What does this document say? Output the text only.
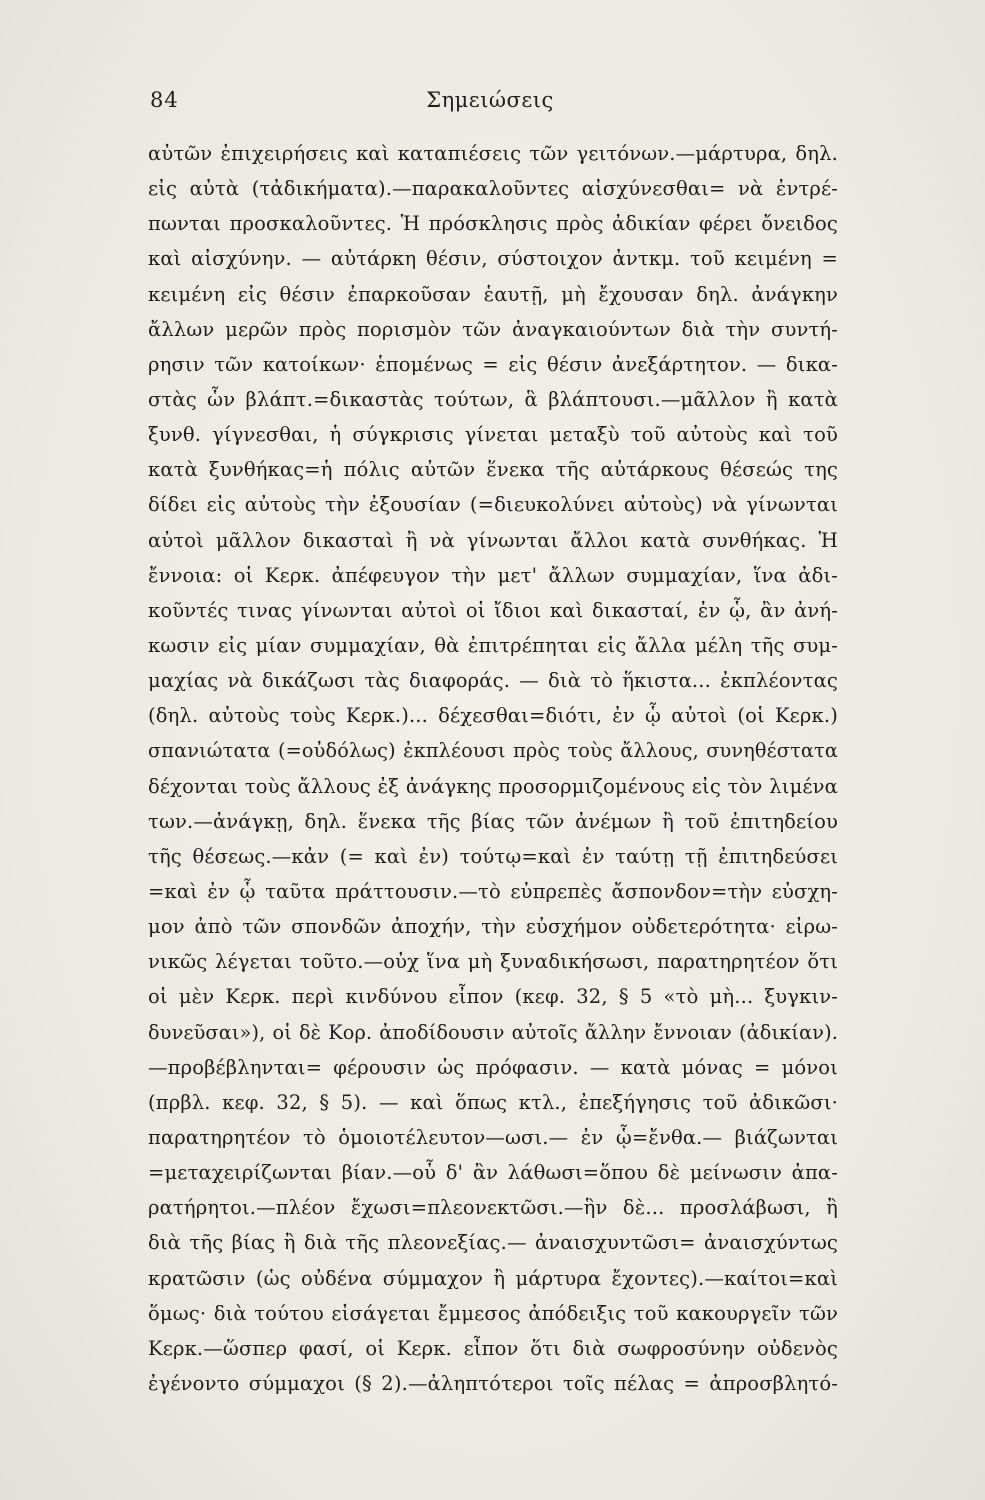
84	Σημειώσεις
αὐτῶν ἐπιχειρήσεις καὶ καταπιέσεις τῶν γειτόνων.—μάρτυρα, δηλ.
εἰς αὐτὰ (τἀδικήματα).—παρακαλοῦντες αἰσχύνεσθαι= νὰ ἐντρέ-
πωνται προσκαλοῦντες. Ἡ πρόσκλησις πρὸς ἀδικίαν φέρει ὄνειδος
καὶ αἰσχύνην. — αὐτάρκη θέσιν, σύστοιχον ἀντκμ. τοῦ κειμένη =
κειμένη εἰς θέσιν ἐπαρκοῦσαν ἑαυτῇ, μὴ ἔχουσαν δηλ. ἀνάγκην
ἄλλων μερῶν πρὸς πορισμὸν τῶν ἀναγκαιούντων διὰ τὴν συντή-
ρησιν τῶν κατοίκων· ἑπομένως = εἰς θέσιν ἀνεξάρτητον. — δικα-
στὰς ὧν βλάπτ.=δικαστὰς τούτων, ἃ βλάπτουσι.—μᾶλλον ἢ κατὰ
ξυνθ. γίγνεσθαι, ἡ σύγκρισις γίνεται μεταξὺ τοῦ αὐτοὺς καὶ τοῦ
κατὰ ξυνθήκας=ἡ πόλις αὐτῶν ἕνεκα τῆς αὐτάρκους θέσεώς της
δίδει εἰς αὐτοὺς τὴν ἐξουσίαν (=διευκολύνει αὐτοὺς) νὰ γίνωνται
αὐτοὶ μᾶλλον δικασταὶ ἢ νὰ γίνωνται ἄλλοι κατὰ συνθήκας. Ἡ
ἔννοια: οἱ Κερκ. ἀπέφευγον τὴν μετ' ἄλλων συμμαχίαν, ἵνα ἀδι-
κοῦντές τινας γίνωνται αὐτοὶ οἱ ἴδιοι καὶ δικασταί, ἐν ᾧ, ἂν ἀνή-
κωσιν εἰς μίαν συμμαχίαν, θὰ ἐπιτρέπηται εἰς ἄλλα μέλη τῆς συμ-
μαχίας νὰ δικάζωσι τὰς διαφοράς. — διὰ τὸ ἥκιστα... ἐκπλέοντας
(δηλ. αὐτοὺς τοὺς Κερκ.)... δέχεσθαι=διότι, ἐν ᾧ αὐτοὶ (οἱ Κερκ.)
σπανιώτατα (=οὐδόλως) ἐκπλέουσι πρὸς τοὺς ἄλλους, συνηθέστατα
δέχονται τοὺς ἄλλους ἐξ ἀνάγκης προσορμιζομένους εἰς τὸν λιμένα
των.—ἀνάγκῃ, δηλ. ἕνεκα τῆς βίας τῶν ἀνέμων ἢ τοῦ ἐπιτηδείου
τῆς θέσεως.—κἀν (= καὶ ἐν) τούτῳ=καὶ ἐν ταύτῃ τῇ ἐπιτηδεύσει
=καὶ ἐν ᾧ ταῦτα πράττουσιν.—τὸ εὐπρεπὲς ἄσπονδον=τὴν εὐσχη-
μον ἀπὸ τῶν σπονδῶν ἀποχήν, τὴν εὐσχήμον οὐδετερότητα· εἰρω-
νικῶς λέγεται τοῦτο.—οὐχ ἵνα μὴ ξυναδικήσωσι, παρατηρητέον ὅτι
οἱ μὲν Κερκ. περὶ κινδύνου εἶπον (κεφ. 32, § 5 «τὸ μὴ... ξυγκιν-
δυνεῦσαι»), οἱ δὲ Κορ. ἀποδίδουσιν αὐτοῖς ἄλλην ἔννοιαν (ἀδικίαν).
—προβέβληνται= φέρουσιν ὡς πρόφασιν. — κατὰ μόνας = μόνοι
(πρβλ. κεφ. 32, § 5). — καὶ ὅπως κτλ., ἐπεξήγησις τοῦ ἀδικῶσι·
παρατηρητέον τὸ ὁμοιοτέλευτον—ωσι.— ἐν ᾧ=ἔνθα.— βιάζωνται
=μεταχειρίζωνται βίαν.—οὗ δ' ἂν λάθωσι=ὅπου δὲ μείνωσιν ἀπα-
ρατήρητοι.—πλέον ἔχωσι=πλεονεκτῶσι.—ἣν δὲ... προσλάβωσι, ἢ
διὰ τῆς βίας ἢ διὰ τῆς πλεονεξίας.— ἀναισχυντῶσι= ἀναισχύντως
κρατῶσιν (ὡς οὐδένα σύμμαχον ἢ μάρτυρα ἔχοντες).—καίτοι=καὶ
ὅμως· διὰ τούτου εἰσάγεται ἔμμεσος ἀπόδειξις τοῦ κακουργεῖν τῶν
Κερκ.—ὥσπερ φασί, οἱ Κερκ. εἶπον ὅτι διὰ σωφροσύνην οὐδενὸς
ἐγένοντο σύμμαχοι (§ 2).—ἀληπτότεροι τοῖς πέλας = ἀπροσβλητό-
